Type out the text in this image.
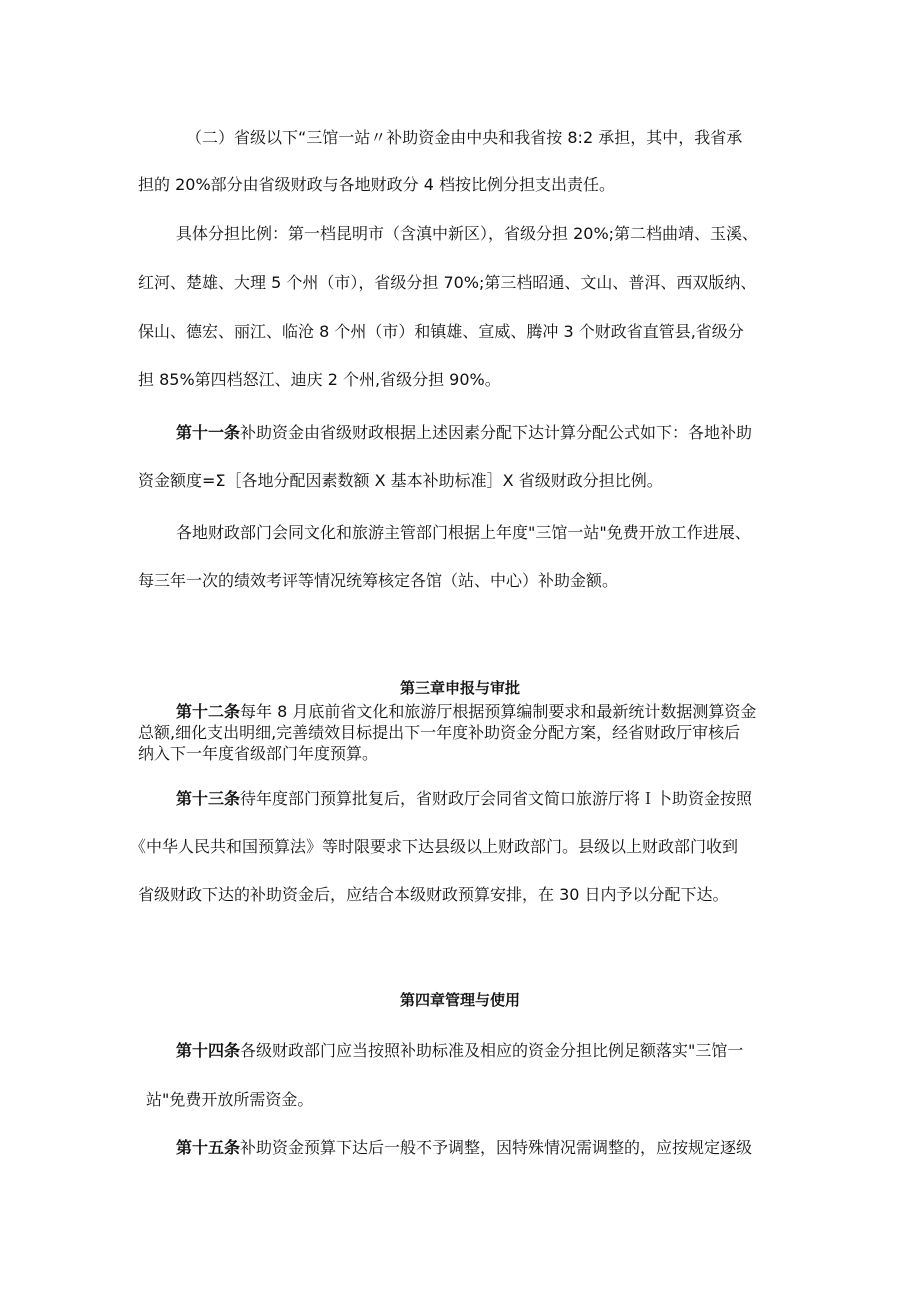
（二）省级以下“三馆一站〃补助资金由中央和我省按 8:2 承担，其中，我省承
担的 20%部分由省级财政与各地财政分 4 档按比例分担支出责任。
具体分担比例：第一档昆明市（含滇中新区），省级分担 20%;第二档曲靖、玉溪、
红河、楚雄、大理 5 个州（市），省级分担 70%;第三档昭通、文山、普洱、西双版纳、
保山、德宏、丽江、临沧 8 个州（市）和镇雄、宣威、腾冲 3 个财政省直管县,省级分
担 85%第四档怒江、迪庆 2 个州,省级分担 90%。
第十一条补助资金由省级财政根据上述因素分配下达计算分配公式如下：各地补助
资金额度=Σ［各地分配因素数额 X 基本补助标准］X 省级财政分担比例。
各地财政部门会同文化和旅游主管部门根据上年度"三馆一站"免费开放工作进展、
每三年一次的绩效考评等情况统筹核定各馆（站、中心）补助金额。
第三章申报与审批
第十二条每年 8 月底前省文化和旅游厅根据预算编制要求和最新统计数据测算资金
总额,细化支出明细,完善绩效目标提出下一年度补助资金分配方案，经省财政厅审核后
纳入下一年度省级部门年度预算。
第十三条待年度部门预算批复后，省财政厅会同省文简口旅游厅将Ｉ卜助资金按照
《中华人民共和国预算法》等时限要求下达县级以上财政部门。县级以上财政部门收到
省级财政下达的补助资金后，应结合本级财政预算安排，在 30 日内予以分配下达。
第四章管理与使用
第十四条各级财政部门应当按照补助标准及相应的资金分担比例足额落实"三馆一
站"免费开放所需资金。
第十五条补助资金预算下达后一般不予调整，因特殊情况需调整的，应按规定逐级
